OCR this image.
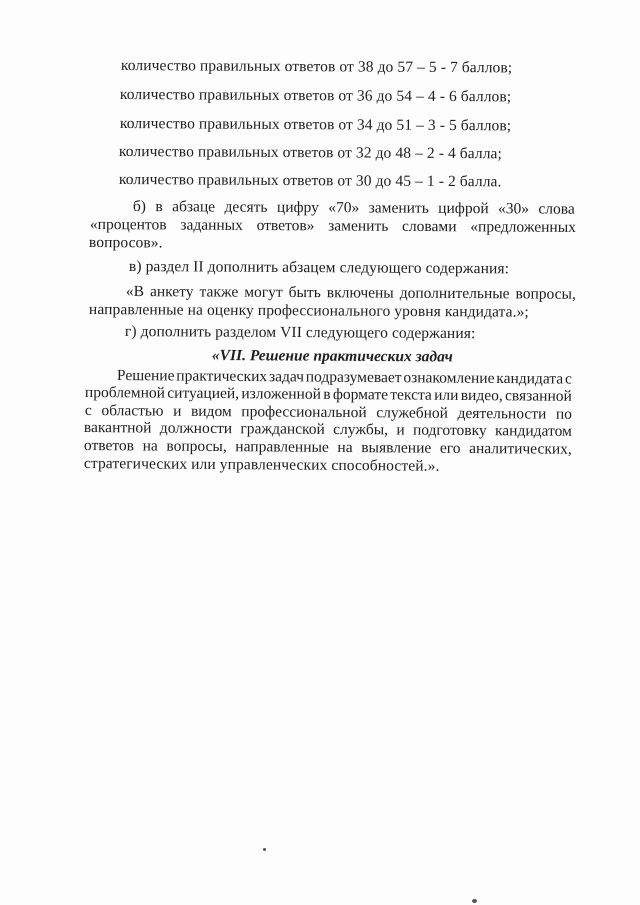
количество правильных ответов от 38 до 57 – 5 - 7 баллов;
количество правильных ответов от 36 до 54 – 4 - 6 баллов;
количество правильных ответов от 34 до 51 – 3 - 5 баллов;
количество правильных ответов от 32 до 48 – 2 - 4 балла;
количество правильных ответов от 30 до 45 – 1 - 2 балла.
б) в абзаце десять цифру «70» заменить цифрой «30» слова
«процентов заданных ответов» заменить словами «предложенных
вопросов».
в) раздел II дополнить абзацем следующего содержания:
«В анкету также могут быть включены дополнительные вопросы,
направленные на оценку профессионального уровня кандидата.»;
г) дополнить разделом VII следующего содержания:
«VII. Решение практических задач
Решение практических задач подразумевает ознакомление кандидата с
проблемной ситуацией, изложенной в формате текста или видео, связанной
с областью и видом профессиональной служебной деятельности по
вакантной должности гражданской службы, и подготовку кандидатом
ответов на вопросы, направленные на выявление его аналитических,
стратегических или управленческих способностей.».
